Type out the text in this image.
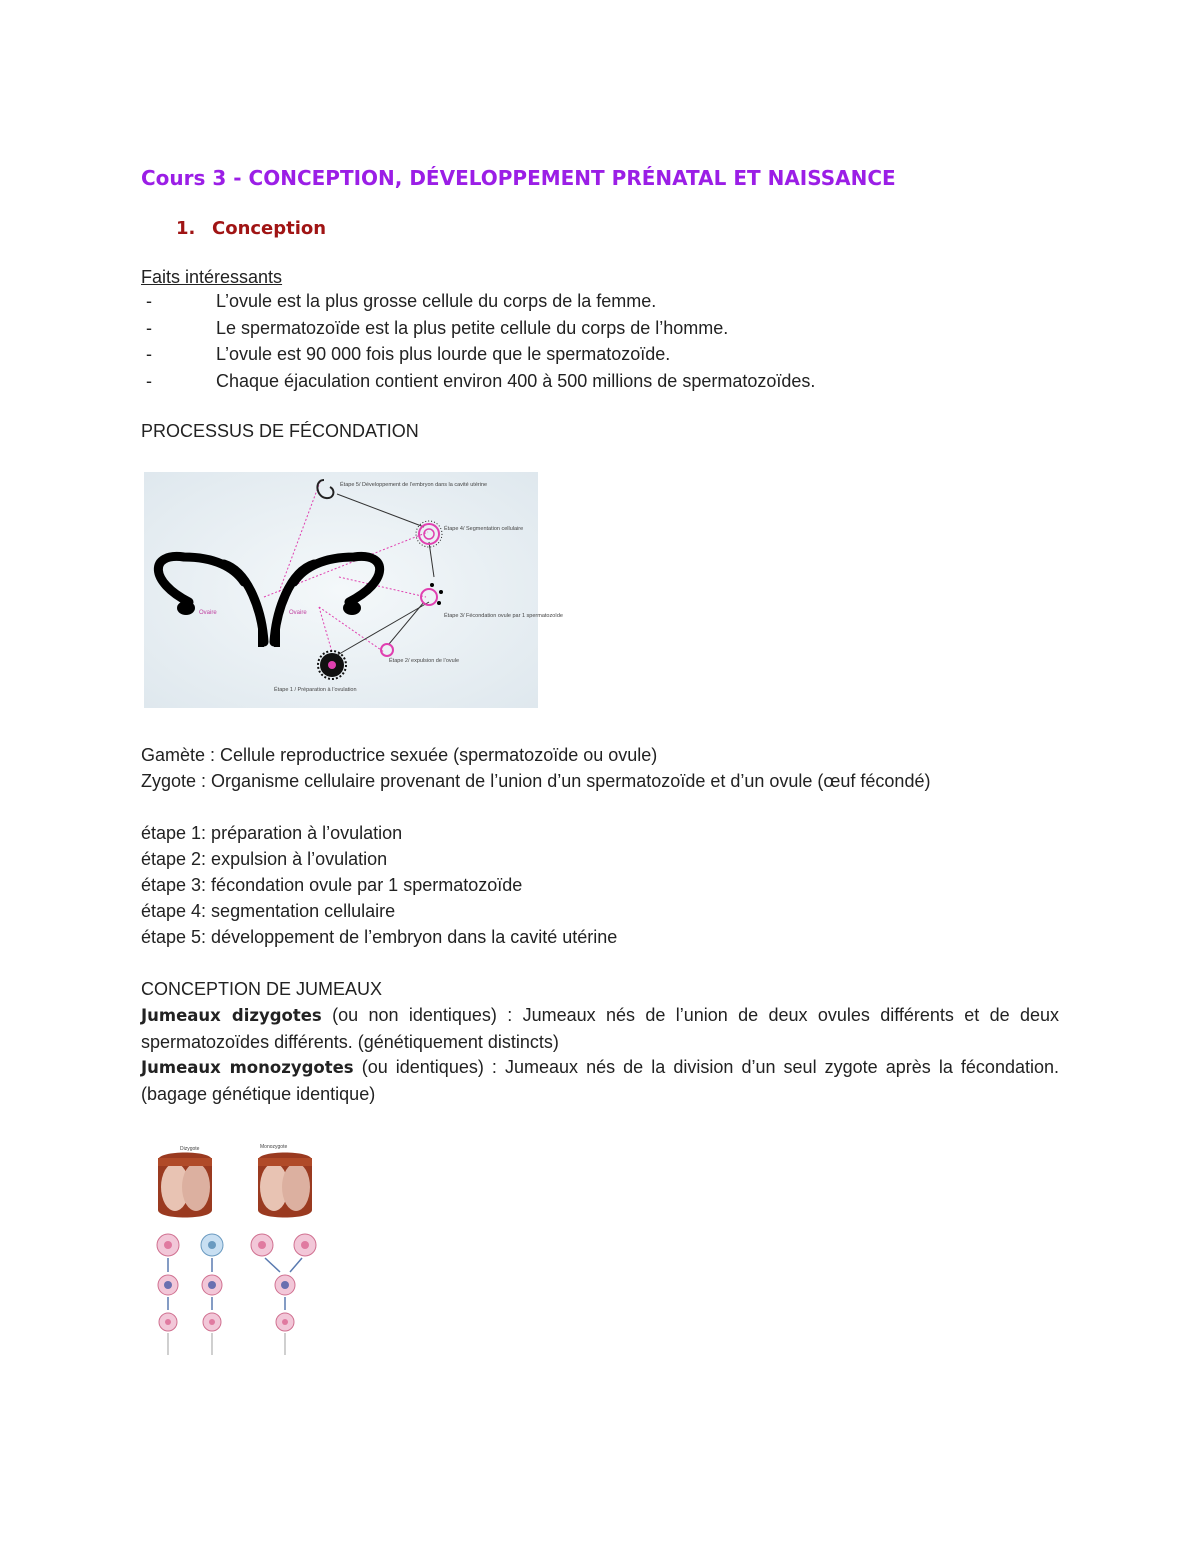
Cours 3 - CONCEPTION, DÉVELOPPEMENT PRÉNATAL ET NAISSANCE
1. Conception
Faits intéressants
-	L’ovule est la plus grosse cellule du corps de la femme.
-	Le spermatozoïde est la plus petite cellule du corps de l’homme.
-	L’ovule est 90 000 fois plus lourde que le spermatozoïde.
-	Chaque éjaculation contient environ 400 à 500 millions de spermatozoïdes.
PROCESSUS DE FÉCONDATION
Ovaire	Ovaire
Étape 5/ Développement de l’embryon dans la cavité utérine
Étape 4/ Segmentation cellulaire
Étape 3/ Fécondation ovule par 1 spermatozoïde
Étape 2/ expulsion de l’ovule
Étape 1 / Préparation à l’ovulation
Gamète : Cellule reproductrice sexuée (spermatozoïde ou ovule)
Zygote : Organisme cellulaire provenant de l’union d’un spermatozoïde et d’un ovule (œuf fécondé)
étape 1: préparation à l’ovulation
étape 2: expulsion à l’ovulation
étape 3: fécondation ovule par 1 spermatozoïde
étape 4: segmentation cellulaire
étape 5: développement de l’embryon dans la cavité utérine
CONCEPTION DE JUMEAUX
Jumeaux dizygotes (ou non identiques) : Jumeaux nés de l’union de deux ovules différents et de deux spermatozoïdes différents. (génétiquement distincts)
Jumeaux monozygotes (ou identiques) : Jumeaux nés de la division d’un seul zygote après la fécondation. (bagage génétique identique)
Dizygote	Monozygote
